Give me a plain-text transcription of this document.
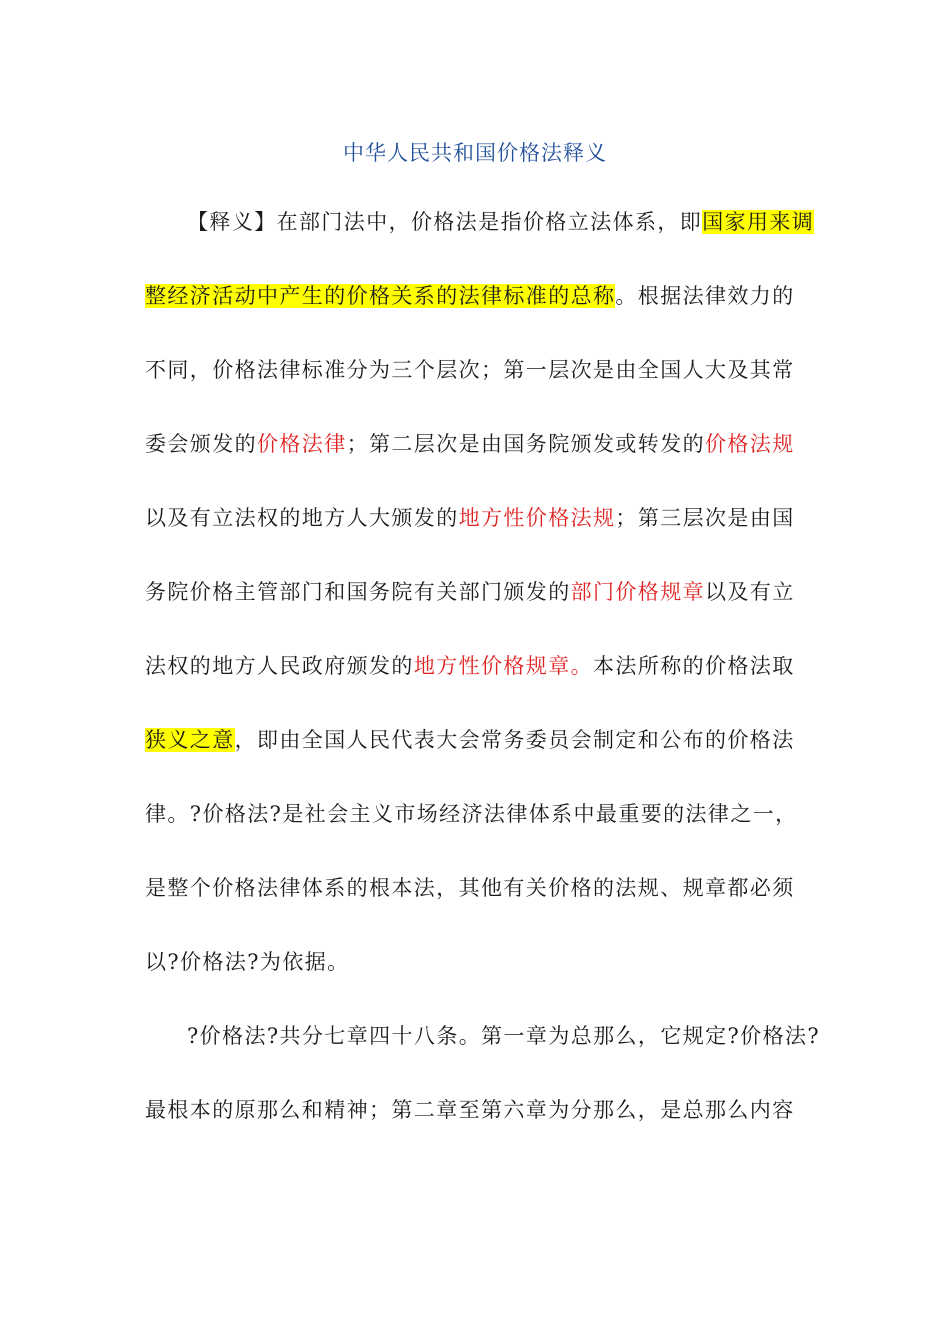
中华人民共和国价格法释义
【释义】在部门法中，价格法是指价格立法体系，即国家用来调
整经济活动中产生的价格关系的法律标准的总称。根据法律效力的
不同，价格法律标准分为三个层次；第一层次是由全国人大及其常
委会颁发的价格法律；第二层次是由国务院颁发或转发的价格法规
以及有立法权的地方人大颁发的地方性价格法规；第三层次是由国
务院价格主管部门和国务院有关部门颁发的部门价格规章以及有立
法权的地方人民政府颁发的地方性价格规章。本法所称的价格法取
狭义之意，即由全国人民代表大会常务委员会制定和公布的价格法
律。?价格法?是社会主义市场经济法律体系中最重要的法律之一，
是整个价格法律体系的根本法，其他有关价格的法规、规章都必须
以?价格法?为依据。
?价格法?共分七章四十八条。第一章为总那么，它规定?价格法?
最根本的原那么和精神；第二章至第六章为分那么，是总那么内容
